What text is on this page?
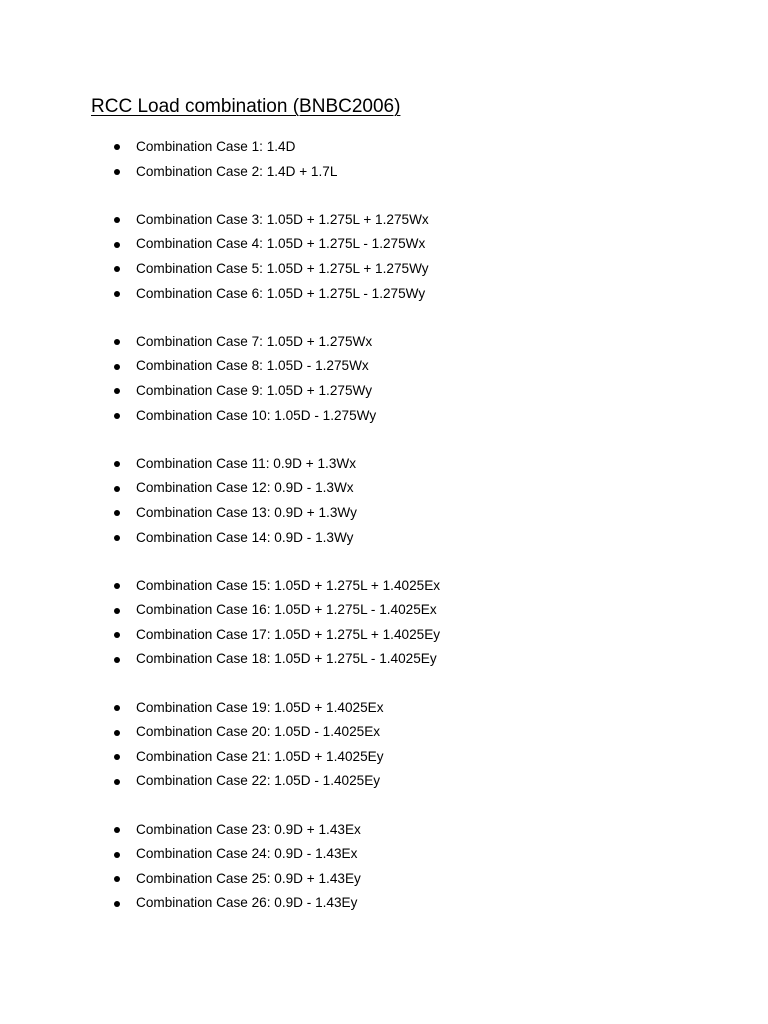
RCC Load combination (BNBC2006)
Combination Case 1: 1.4D
Combination Case 2: 1.4D + 1.7L
Combination Case 3: 1.05D + 1.275L + 1.275Wx
Combination Case 4: 1.05D + 1.275L - 1.275Wx
Combination Case 5: 1.05D + 1.275L + 1.275Wy
Combination Case 6: 1.05D + 1.275L - 1.275Wy
Combination Case 7: 1.05D + 1.275Wx
Combination Case 8: 1.05D - 1.275Wx
Combination Case 9: 1.05D + 1.275Wy
Combination Case 10: 1.05D - 1.275Wy
Combination Case 11: 0.9D + 1.3Wx
Combination Case 12: 0.9D - 1.3Wx
Combination Case 13: 0.9D + 1.3Wy
Combination Case 14: 0.9D - 1.3Wy
Combination Case 15: 1.05D + 1.275L + 1.4025Ex
Combination Case 16: 1.05D + 1.275L - 1.4025Ex
Combination Case 17: 1.05D + 1.275L + 1.4025Ey
Combination Case 18: 1.05D + 1.275L - 1.4025Ey
Combination Case 19: 1.05D + 1.4025Ex
Combination Case 20: 1.05D - 1.4025Ex
Combination Case 21: 1.05D + 1.4025Ey
Combination Case 22: 1.05D - 1.4025Ey
Combination Case 23: 0.9D + 1.43Ex
Combination Case 24: 0.9D - 1.43Ex
Combination Case 25: 0.9D + 1.43Ey
Combination Case 26: 0.9D - 1.43Ey
